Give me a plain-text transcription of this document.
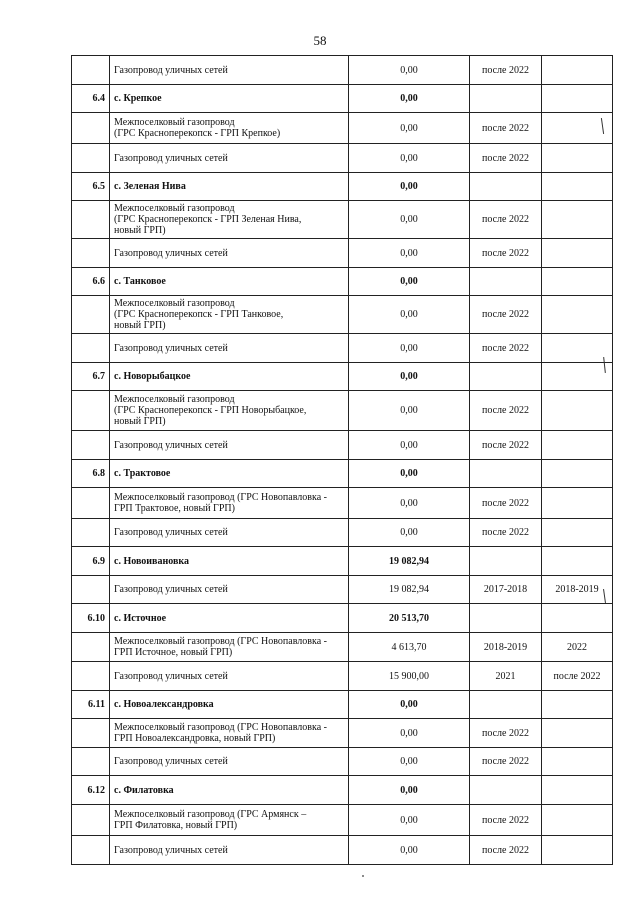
58
	Газопровод уличных сетей	0,00	после 2022	
6.4	с. Крепкое	0,00		
	Межпоселковый газопровод
(ГРС Красноперекопск - ГРП Крепкое)	0,00	после 2022	
	Газопровод уличных сетей	0,00	после 2022	
6.5	с. Зеленая Нива	0,00		
	Межпоселковый газопровод
(ГРС Красноперекопск - ГРП Зеленая Нива,
новый ГРП)	0,00	после 2022	
	Газопровод уличных сетей	0,00	после 2022	
6.6	с. Танковое	0,00		
	Межпоселковый газопровод
(ГРС Красноперекопск - ГРП Танковое,
новый ГРП)	0,00	после 2022	
	Газопровод уличных сетей	0,00	после 2022	
6.7	с. Новорыбацкое	0,00		
	Межпоселковый газопровод
(ГРС Красноперекопск - ГРП Новорыбацкое,
новый ГРП)	0,00	после 2022	
	Газопровод уличных сетей	0,00	после 2022	
6.8	с. Трактовое	0,00		
	Межпоселковый газопровод (ГРС Новопавловка -
ГРП Трактовое, новый ГРП)	0,00	после 2022	
	Газопровод уличных сетей	0,00	после 2022	
6.9	с. Новоивановка	19 082,94		
	Газопровод уличных сетей	19 082,94	2017-2018	2018-2019
6.10	с. Источное	20 513,70		
	Межпоселковый газопровод (ГРС Новопавловка -
ГРП Источное, новый ГРП)	4 613,70	2018-2019	2022
	Газопровод уличных сетей	15 900,00	2021	после 2022
6.11	с. Новоалександровка	0,00		
	Межпоселковый газопровод (ГРС Новопавловка -
ГРП Новоалександровка, новый ГРП)	0,00	после 2022	
	Газопровод уличных сетей	0,00	после 2022	
6.12	с. Филатовка	0,00		
	Межпоселковый газопровод (ГРС Армянск –
ГРП Филатовка, новый ГРП)	0,00	после 2022	
	Газопровод уличных сетей	0,00	после 2022	
